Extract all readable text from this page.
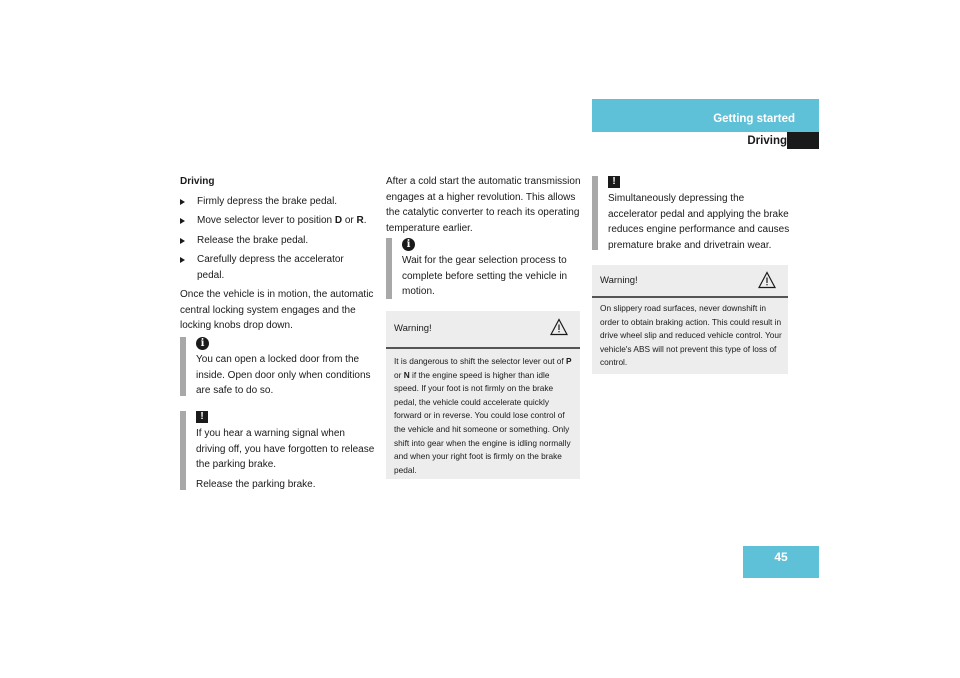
Getting started
Driving
Driving
Firmly depress the brake pedal.
Move selector lever to position D or R.
Release the brake pedal.
Carefully depress the accelerator pedal.
Once the vehicle is in motion, the automatic central locking system engages and the locking knobs drop down.
i
You can open a locked door from the inside. Open door only when conditions are safe to do so.
!
If you hear a warning signal when driving off, you have forgotten to release the parking brake.
Release the parking brake.
After a cold start the automatic transmission engages at a higher revolution. This allows the catalytic converter to reach its operating temperature earlier.
i
Wait for the gear selection process to complete before setting the vehicle in motion.
Warning!
It is dangerous to shift the selector lever out of P or N if the engine speed is higher than idle speed. If your foot is not firmly on the brake pedal, the vehicle could accelerate quickly forward or in reverse. You could lose control of the vehicle and hit someone or something. Only shift into gear when the engine is idling normally and when your right foot is firmly on the brake pedal.
!
Simultaneously depressing the accelerator pedal and applying the brake reduces engine performance and causes premature brake and drivetrain wear.
Warning!
On slippery road surfaces, never downshift in order to obtain braking action. This could result in drive wheel slip and reduced vehicle control. Your vehicle's ABS will not prevent this type of loss of control.
45
